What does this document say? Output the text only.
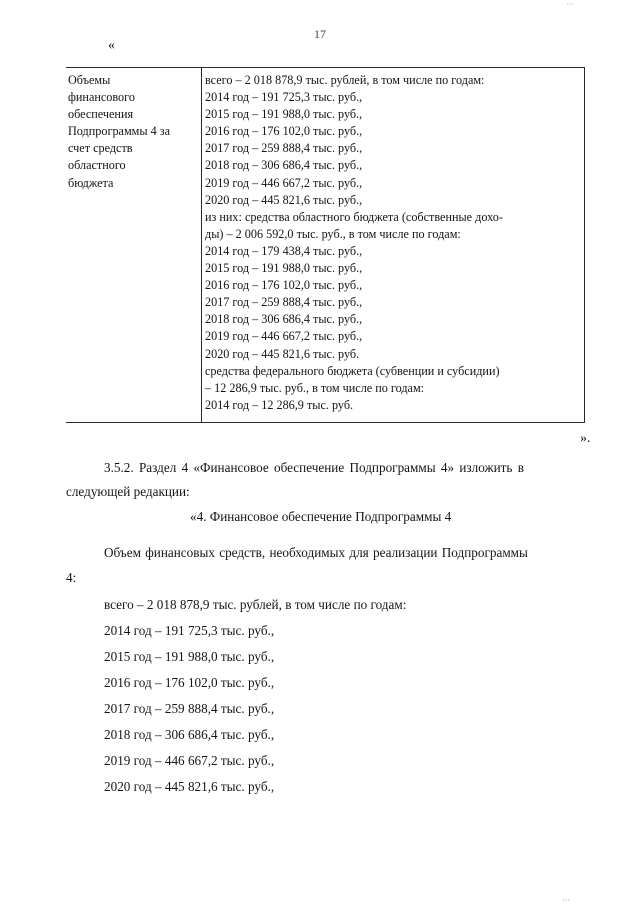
···
17
«
Объемы
финансового
обеспечения
Подпрограммы 4 за
счет средств
областного
бюджета
всего – 2 018 878,9 тыс. рублей, в том числе по годам:
2014 год – 191 725,3 тыс. руб.,
2015 год – 191 988,0 тыс. руб.,
2016 год – 176 102,0 тыс. руб.,
2017 год – 259 888,4 тыс. руб.,
2018 год – 306 686,4 тыс. руб.,
2019 год – 446 667,2 тыс. руб.,
2020 год – 445 821,6 тыс. руб.,
из них: средства областного бюджета (собственные дохо-
ды) – 2 006 592,0 тыс. руб., в том числе по годам:
2014 год – 179 438,4 тыс. руб.,
2015 год – 191 988,0 тыс. руб.,
2016 год – 176 102,0 тыс. руб.,
2017 год – 259 888,4 тыс. руб.,
2018 год – 306 686,4 тыс. руб.,
2019 год – 446 667,2 тыс. руб.,
2020 год – 445 821,6 тыс. руб.
средства федерального бюджета (субвенции и субсидии)
– 12 286,9 тыс. руб., в том числе по годам:
2014 год – 12 286,9 тыс. руб.
».
3.5.2. Раздел 4 «Финансовое обеспечение Подпрограммы 4» изложить в
следующей редакции:
«4. Финансовое обеспечение Подпрограммы 4
Объем финансовых средств, необходимых для реализации Подпрограммы
4:
всего – 2 018 878,9 тыс. рублей, в том числе по годам:
2014 год – 191 725,3 тыс. руб.,
2015 год – 191 988,0 тыс. руб.,
2016 год – 176 102,0 тыс. руб.,
2017 год – 259 888,4 тыс. руб.,
2018 год – 306 686,4 тыс. руб.,
2019 год – 446 667,2 тыс. руб.,
2020 год – 445 821,6 тыс. руб.,
···
